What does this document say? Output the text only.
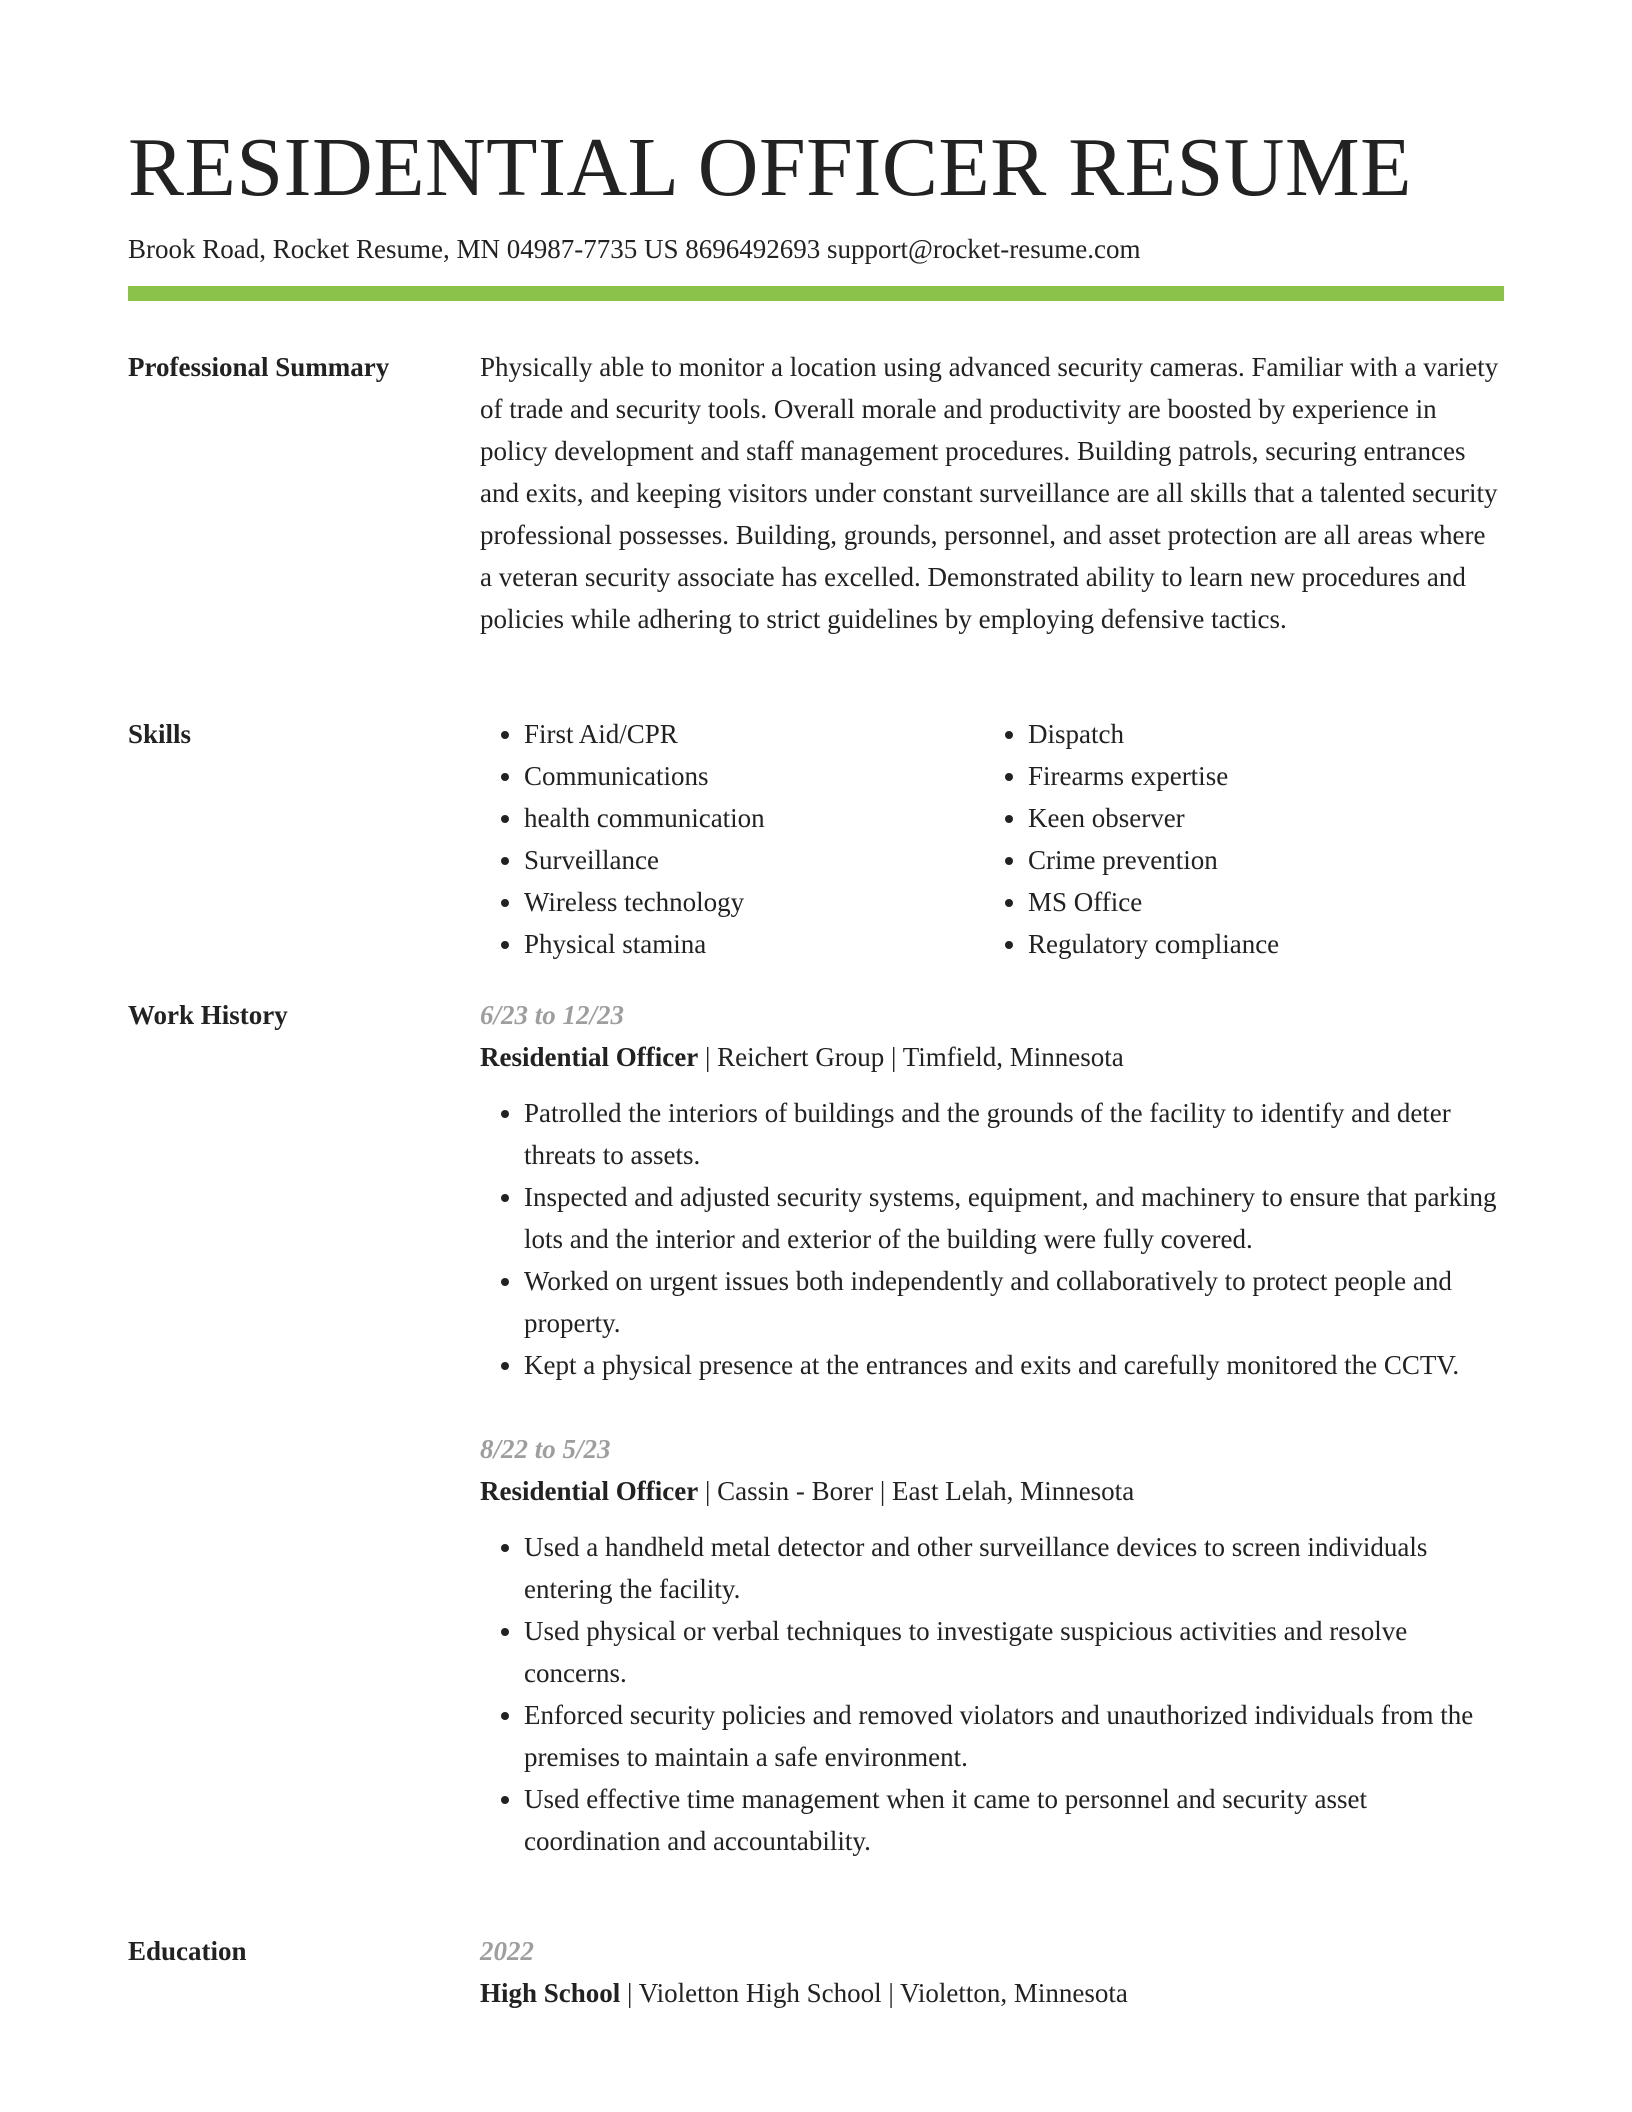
RESIDENTIAL OFFICER RESUME
Brook Road, Rocket Resume, MN 04987-7735 US 8696492693 support@rocket-resume.com
Professional Summary	Physically able to monitor a location using advanced security cameras. Familiar with a variety of trade and security tools. Overall morale and productivity are boosted by experience in policy development and staff management procedures. Building patrols, securing entrances and exits, and keeping visitors under constant surveillance are all skills that a talented security professional possesses. Building, grounds, personnel, and asset protection are all areas where a veteran security associate has excelled. Demonstrated ability to learn new procedures and policies while adhering to strict guidelines by employing defensive tactics.

Skills
•	First Aid/CPR
• Communications
• health communication
• Surveillance
• Wireless technology
• Physical stamina
• Dispatch
• Firearms expertise
• Keen observer
• Crime prevention
• MS Office
• Regulatory compliance
Work History	6/23 to 12/23
Residential Officer | Reichert Group | Timfield, Minnesota
• Patrolled the interiors of buildings and the grounds of the facility to identify and deter threats to assets.
• Inspected and adjusted security systems, equipment, and machinery to ensure that parking lots and the interior and exterior of the building were fully covered.
• Worked on urgent issues both independently and collaboratively to protect people and property.
• Kept a physical presence at the entrances and exits and carefully monitored the CCTV.
8/22 to 5/23
Residential Officer | Cassin - Borer | East Lelah, Minnesota
• Used a handheld metal detector and other surveillance devices to screen individuals entering the facility.
• Used physical or verbal techniques to investigate suspicious activities and resolve concerns.
• Enforced security policies and removed violators and unauthorized individuals from the premises to maintain a safe environment.
• Used effective time management when it came to personnel and security asset coordination and accountability.
Education	2022
High School | Violetton High School | Violetton, Minnesota
